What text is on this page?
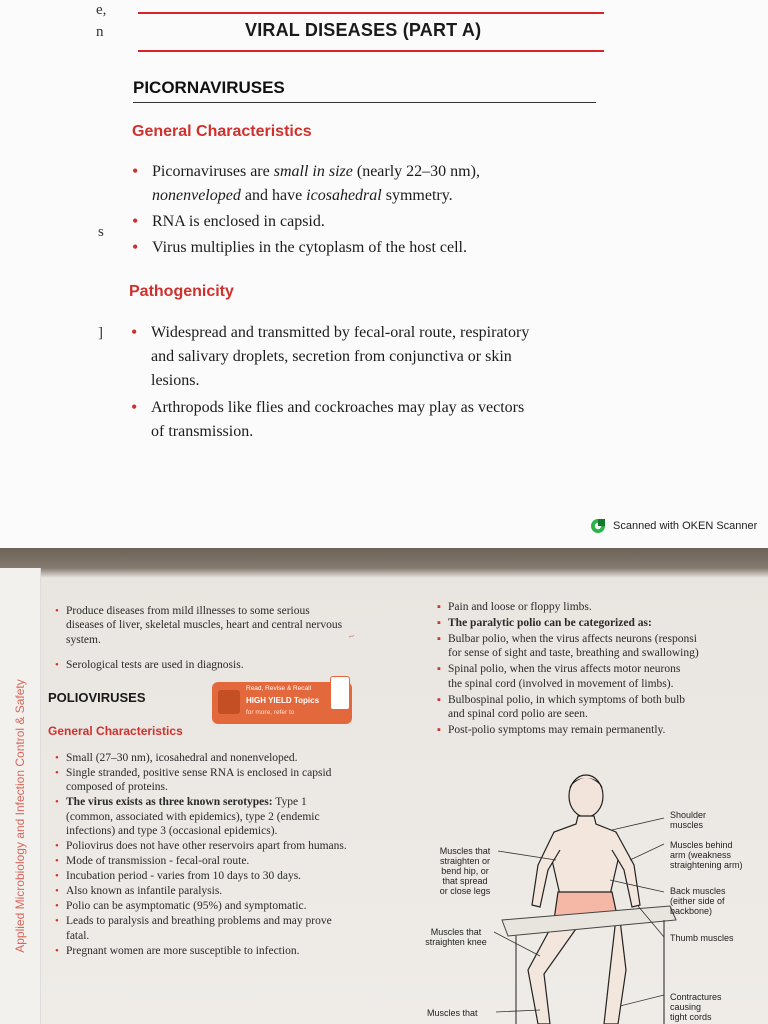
e,
n
s
]
VIRAL DISEASES (PART A)
PICORNAVIRUSES
General Characteristics
• Picornaviruses are small in size (nearly 22–30 nm),
nonenveloped and have icosahedral symmetry.
• RNA is enclosed in capsid.
• Virus multiplies in the cytoplasm of the host cell.
Pathogenicity
• Widespread and transmitted by fecal-oral route, respiratory
and salivary droplets, secretion from conjunctiva or skin
lesions.
• Arthropods like flies and cockroaches may play as vectors
of transmission.
Scanned with OKEN Scanner
Applied Microbiology and Infection Control & Safety
• Produce diseases from mild illnesses to some serious
diseases of liver, skeletal muscles, heart and central nervous
system.
• Serological tests are used in diagnosis.
POLIOVIRUSES
General Characteristics
Read, Revise & Recall
HIGH YIELD Topics
for more, refer to
• Small (27–30 nm), icosahedral and nonenveloped.
• Single stranded, positive sense RNA is enclosed in capsid
composed of proteins.
• The virus exists as three known serotypes: Type 1
(common, associated with epidemics), type 2 (endemic
infections) and type 3 (occasional epidemics).
• Poliovirus does not have other reservoirs apart from humans.
• Mode of transmission - fecal-oral route.
• Incubation period - varies from 10 days to 30 days.
• Also known as infantile paralysis.
• Polio can be asymptomatic (95%) and symptomatic.
• Leads to paralysis and breathing problems and may prove
fatal.
• Pregnant women are more susceptible to infection.
▪ Pain and loose or floppy limbs.
▪ The paralytic polio can be categorized as:
▪ Bulbar polio, when the virus affects neurons (responsi
for sense of sight and taste, breathing and swallowing)
▪ Spinal polio, when the virus affects motor neurons
the spinal cord (involved in movement of limbs).
▪ Bulbospinal polio, in which symptoms of both bulb
and spinal cord polio are seen.
▪ Post-polio symptoms may remain permanently.
~
Muscles that
straighten or
bend hip, or
that spread
or close legs
Muscles that
straighten knee
Muscles that
Shoulder
muscles
Muscles behind
arm (weakness
straightening arm)
Back muscles
(either side of
backbone)
Thumb muscles
Contractures
causing
tight cords
